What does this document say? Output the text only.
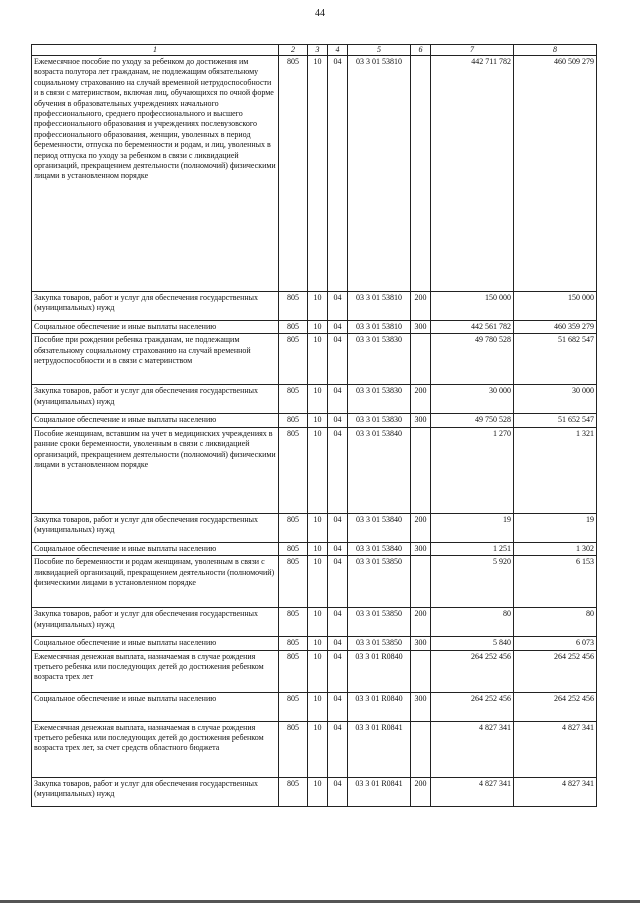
44
1	2	3	4	5	6	7	8
Ежемесячное пособие по уходу за ребенком до достижения им возраста полутора лет гражданам, не подлежащим обязательному социальному страхованию на случай временной нетрудоспособности и в связи с материнством, включая лиц, обучающихся по очной форме обучения в образовательных учреждениях начального профессионального, среднего профессионального и высшего профессионального образования и учреждениях послевузовского профессионального образования, женщин, уволенных в период беременности, отпуска по беременности и родам, и лиц, уволенных в период отпуска по уходу за ребенком в связи с ликвидацией организаций, прекращением деятельности (полномочий) физическими лицами в установленном порядке	805	10	04	03 3 01 53810		442 711 782	460 509 279
Закупка товаров, работ и услуг для обеспечения государственных (муниципальных) нужд	805	10	04	03 3 01 53810	200	150 000	150 000
Социальное обеспечение и иные выплаты населению	805	10	04	03 3 01 53810	300	442 561 782	460 359 279
Пособие при рождении ребенка гражданам, не подлежащим обязательному социальному страхованию на случай временной нетрудоспособности и в связи с материнством	805	10	04	03 3 01 53830		49 780 528	51 682 547
Закупка товаров, работ и услуг для обеспечения государственных (муниципальных) нужд	805	10	04	03 3 01 53830	200	30 000	30 000
Социальное обеспечение и иные выплаты населению	805	10	04	03 3 01 53830	300	49 750 528	51 652 547
Пособие женщинам, вставшим на учет в медицинских учреждениях в ранние сроки беременности, уволенным в связи с ликвидацией организаций, прекращением деятельности (полномочий) физическими лицами в установленном порядке	805	10	04	03 3 01 53840		1 270	1 321
Закупка товаров, работ и услуг для обеспечения государственных (муниципальных) нужд	805	10	04	03 3 01 53840	200	19	19
Социальное обеспечение и иные выплаты населению	805	10	04	03 3 01 53840	300	1 251	1 302
Пособие по беременности и родам женщинам, уволенным в связи с ликвидацией организаций, прекращением деятельности (полномочий) физическими лицами в установленном порядке	805	10	04	03 3 01 53850		5 920	6 153
Закупка товаров, работ и услуг для обеспечения государственных (муниципальных) нужд	805	10	04	03 3 01 53850	200	80	80
Социальное обеспечение и иные выплаты населению	805	10	04	03 3 01 53850	300	5 840	6 073
Ежемесячная денежная выплата, назначаемая в случае рождения третьего ребенка или последующих детей до достижения ребенком возраста трех лет	805	10	04	03 3 01 R0840		264 252 456	264 252 456
Социальное обеспечение и иные выплаты населению	805	10	04	03 3 01 R0840	300	264 252 456	264 252 456
Ежемесячная денежная выплата, назначаемая в случае рождения третьего ребенка или последующих детей до достижения ребенком возраста трех лет, за счет средств областного бюджета	805	10	04	03 3 01 R0841		4 827 341	4 827 341
Закупка товаров, работ и услуг для обеспечения государственных (муниципальных) нужд	805	10	04	03 3 01 R0841	200	4 827 341	4 827 341
